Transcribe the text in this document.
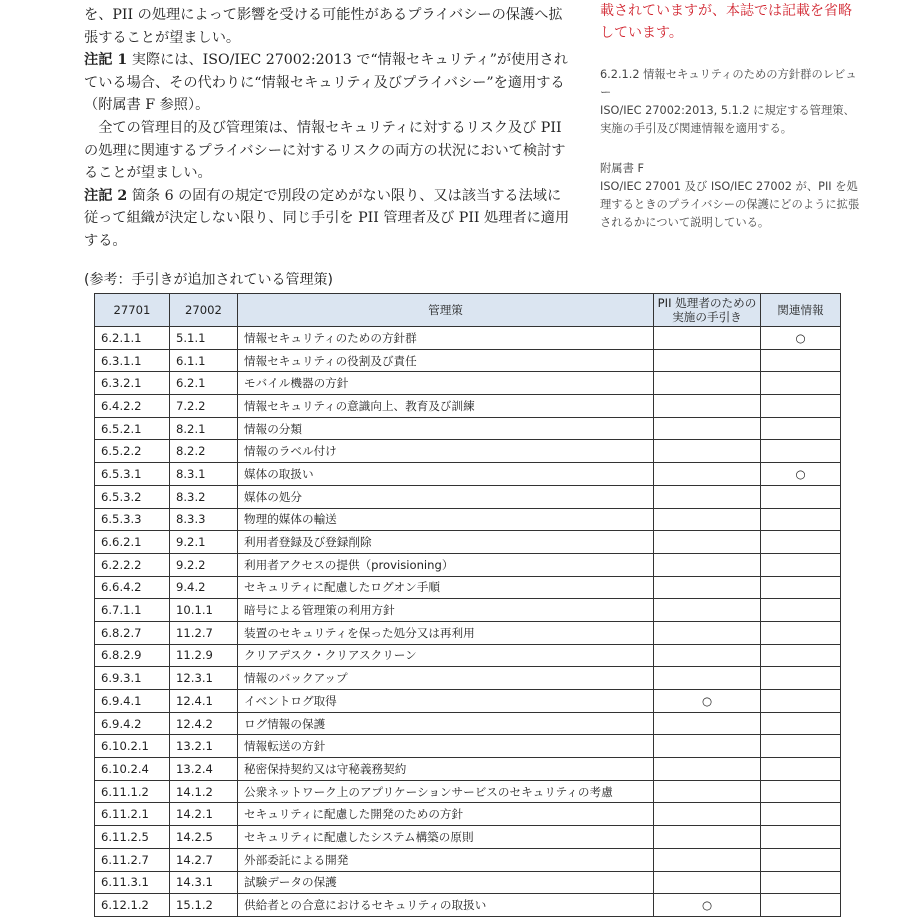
を、PII の処理によって影響を受ける可能性があるプライバシーの保護へ拡張することが望ましい。

注記 1 実際には、ISO/IEC 27002:2013 で“情報セキュリティ”が使用されている場合、その代わりに“情報セキュリティ及びプライバシー”を適用する（附属書 F 参照）。

全ての管理目的及び管理策は、情報セキュリティに対するリスク及び PII の処理に関連するプライバシーに対するリスクの両方の状況において検討することが望ましい。

注記 2 箇条 6 の固有の規定で別段の定めがない限り、又は該当する法域に従って組織が決定しない限り、同じ手引を PII 管理者及び PII 処理者に適用する。

載されていますが、本誌では記載を省略しています。
6.2.1.2 情報セキュリティのための方針群のレビュー
ISO/IEC 27002:2013, 5.1.2 に規定する管理策、実施の手引及び関連情報を適用する。
附属書 F
ISO/IEC 27001 及び ISO/IEC 27002 が、PII を処理するときのプライバシーの保護にどのように拡張されるかについて説明している。
(参考：手引きが追加されている管理策)
27701	27002	管理策	PII 処理者のための実施の手引き	関連情報
6.2.1.1	5.1.1	情報セキュリティのための方針群		○
6.3.1.1	6.1.1	情報セキュリティの役割及び責任		
6.3.2.1	6.2.1	モバイル機器の方針		
6.4.2.2	7.2.2	情報セキュリティの意識向上、教育及び訓練		
6.5.2.1	8.2.1	情報の分類		
6.5.2.2	8.2.2	情報のラベル付け		
6.5.3.1	8.3.1	媒体の取扱い		○
6.5.3.2	8.3.2	媒体の処分		
6.5.3.3	8.3.3	物理的媒体の輸送		
6.6.2.1	9.2.1	利用者登録及び登録削除		
6.2.2.2	9.2.2	利用者アクセスの提供（provisioning）		
6.6.4.2	9.4.2	セキュリティに配慮したログオン手順		
6.7.1.1	10.1.1	暗号による管理策の利用方針		
6.8.2.7	11.2.7	装置のセキュリティを保った処分又は再利用		
6.8.2.9	11.2.9	クリアデスク・クリアスクリーン		
6.9.3.1	12.3.1	情報のバックアップ		
6.9.4.1	12.4.1	イベントログ取得	○	
6.9.4.2	12.4.2	ログ情報の保護		
6.10.2.1	13.2.1	情報転送の方針		
6.10.2.4	13.2.4	秘密保持契約又は守秘義務契約		
6.11.1.2	14.1.2	公衆ネットワーク上のアプリケーションサービスのセキュリティの考慮		
6.11.2.1	14.2.1	セキュリティに配慮した開発のための方針		
6.11.2.5	14.2.5	セキュリティに配慮したシステム構築の原則		
6.11.2.7	14.2.7	外部委託による開発		
6.11.3.1	14.3.1	試験データの保護		
6.12.1.2	15.1.2	供給者との合意におけるセキュリティの取扱い	○	
